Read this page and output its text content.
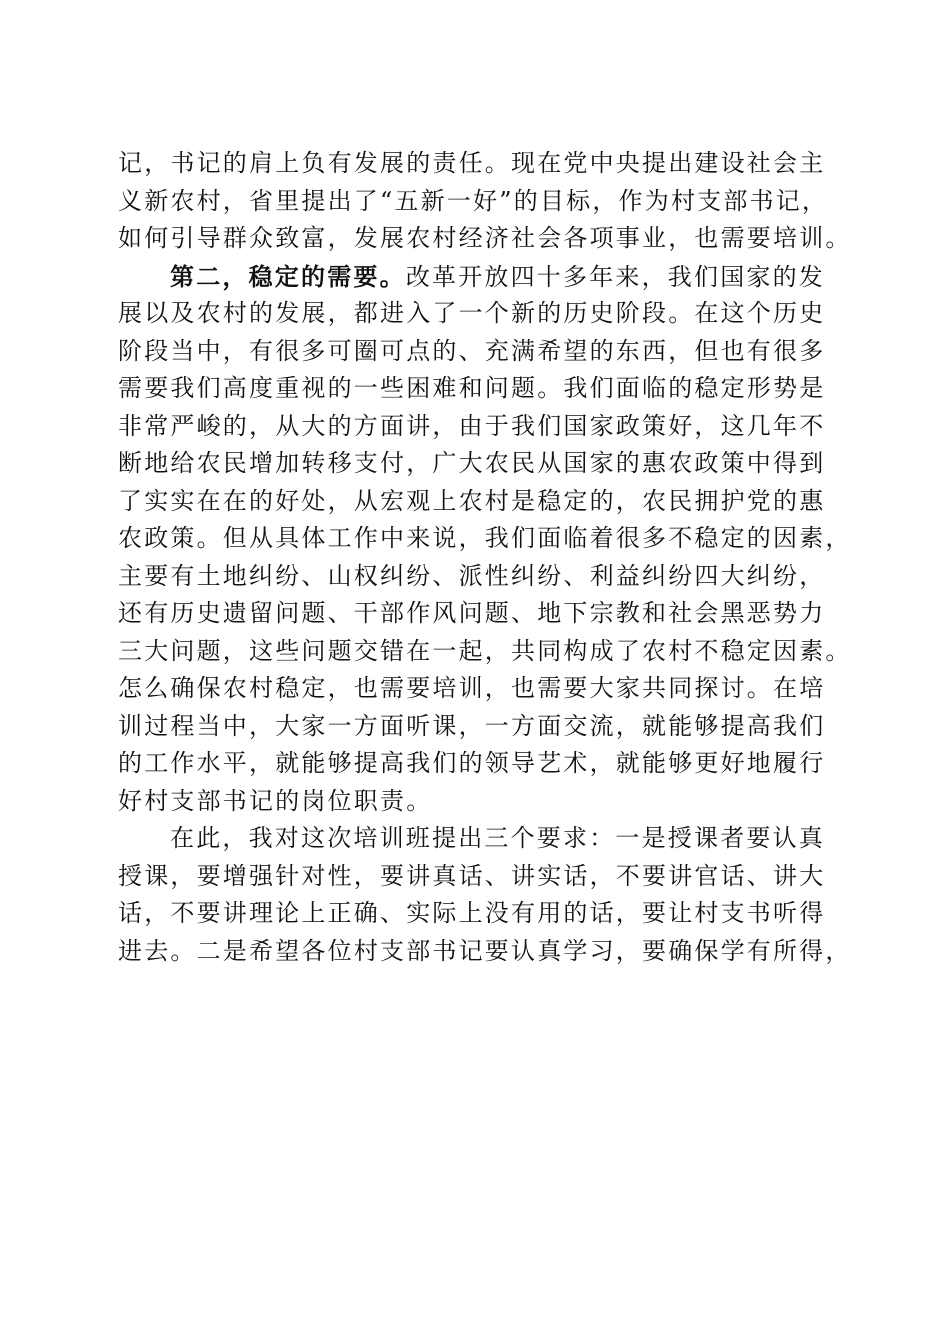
记，书记的肩上负有发展的责任。现在党中央提出建设社会主
义新农村，省里提出了“五新一好”的目标，作为村支部书记，
如何引导群众致富，发展农村经济社会各项事业，也需要培训。
第二，稳定的需要。改革开放四十多年来，我们国家的发
展以及农村的发展，都进入了一个新的历史阶段。在这个历史
阶段当中，有很多可圈可点的、充满希望的东西，但也有很多
需要我们高度重视的一些困难和问题。我们面临的稳定形势是
非常严峻的，从大的方面讲，由于我们国家政策好，这几年不
断地给农民增加转移支付，广大农民从国家的惠农政策中得到
了实实在在的好处，从宏观上农村是稳定的，农民拥护党的惠
农政策。但从具体工作中来说，我们面临着很多不稳定的因素，
主要有土地纠纷、山权纠纷、派性纠纷、利益纠纷四大纠纷，
还有历史遗留问题、干部作风问题、地下宗教和社会黑恶势力
三大问题，这些问题交错在一起，共同构成了农村不稳定因素。
怎么确保农村稳定，也需要培训，也需要大家共同探讨。在培
训过程当中，大家一方面听课，一方面交流，就能够提高我们
的工作水平，就能够提高我们的领导艺术，就能够更好地履行
好村支部书记的岗位职责。
在此，我对这次培训班提出三个要求：一是授课者要认真
授课，要增强针对性，要讲真话、讲实话，不要讲官话、讲大
话，不要讲理论上正确、实际上没有用的话，要让村支书听得
进去。二是希望各位村支部书记要认真学习，要确保学有所得，
